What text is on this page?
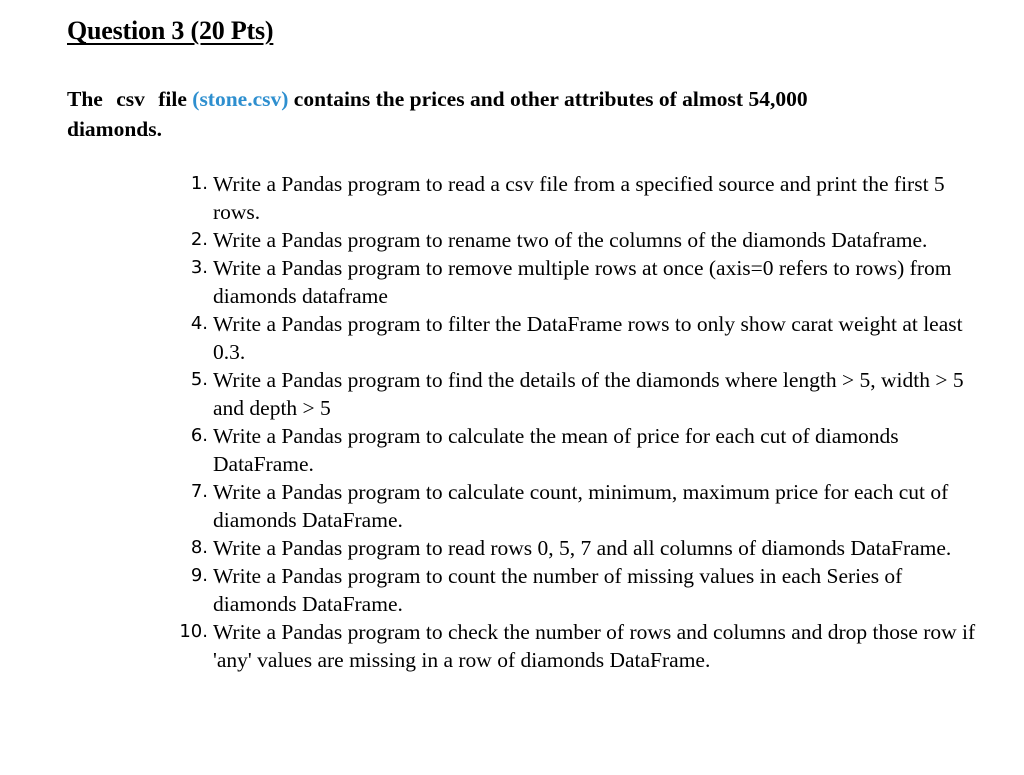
Question 3 (20 Pts)
The csv file (stone.csv) contains the prices and other attributes of almost 54,000 diamonds.
1. Write a Pandas program to read a csv file from a specified source and print the first 5 rows.
2. Write a Pandas program to rename two of the columns of the diamonds Dataframe.
3. Write a Pandas program to remove multiple rows at once (axis=0 refers to rows) from diamonds dataframe
4. Write a Pandas program to filter the DataFrame rows to only show carat weight at least 0.3.
5. Write a Pandas program to find the details of the diamonds where length > 5, width > 5 and depth > 5
6. Write a Pandas program to calculate the mean of price for each cut of diamonds DataFrame.
7. Write a Pandas program to calculate count, minimum, maximum price for each cut of diamonds DataFrame.
8. Write a Pandas program to read rows 0, 5, 7 and all columns of diamonds DataFrame.
9. Write a Pandas program to count the number of missing values in each Series of diamonds DataFrame.
10. Write a Pandas program to check the number of rows and columns and drop those row if 'any' values are missing in a row of diamonds DataFrame.
